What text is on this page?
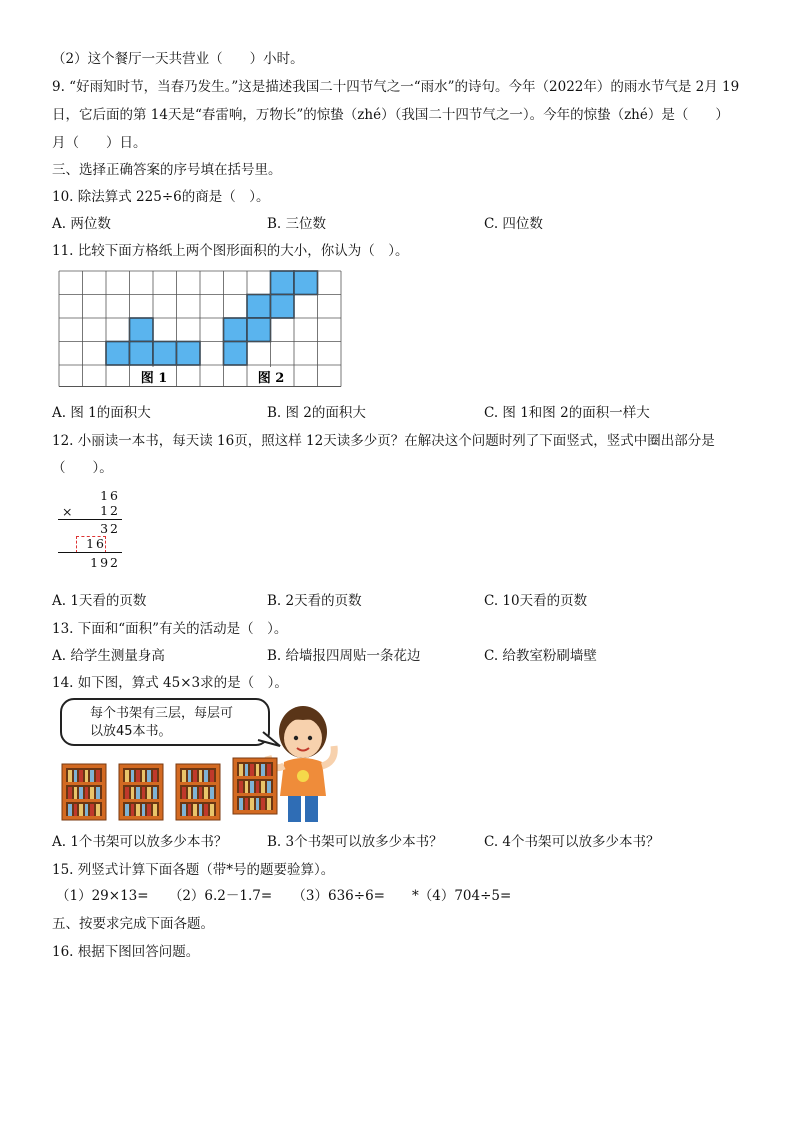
（2）这个餐厅一天共营业（　　）小时。
9. “好雨知时节，当春乃发生。”这是描述我国二十四节气之一“雨水”的诗句。今年（2022年）的雨水节气是 2月 19
日，它后面的第 14天是“春雷响，万物长”的惊蛰（zhé）（我国二十四节气之一）。今年的惊蛰（zhé）是（　　）
月（　　）日。
三、选择正确答案的序号填在括号里。
10. 除法算式 225÷6的商是（　）。
A. 两位数	B. 三位数	C. 四位数
11. 比较下面方格纸上两个图形面积的大小，你认为（　）。
图 1	图 2
A. 图 1的面积大	B. 图 2的面积大	C. 图 1和图 2的面积一样大
12. 小丽读一本书，每天读 16页，照这样 12天读多少页？在解决这个问题时列了下面竖式，竖式中圈出部分是
（　　）。
16
× 12
32
16
192
A. 1天看的页数	B. 2天看的页数	C. 10天看的页数
13. 下面和“面积”有关的活动是（　）。
A. 给学生测量身高	B. 给墙报四周贴一条花边	C. 给教室粉刷墙壁
14. 如下图，算式 45×3求的是（　）。
每个书架有三层，每层可
以放45本书。
A. 1个书架可以放多少本书？	B. 3个书架可以放多少本书？	C. 4个书架可以放多少本书？
15. 列竖式计算下面各题（带*号的题要验算）。
（1）29×13=　　（2）6.2－1.7=　　（3）636÷6=　　*（4）704÷5=
五、按要求完成下面各题。
16. 根据下图回答问题。
